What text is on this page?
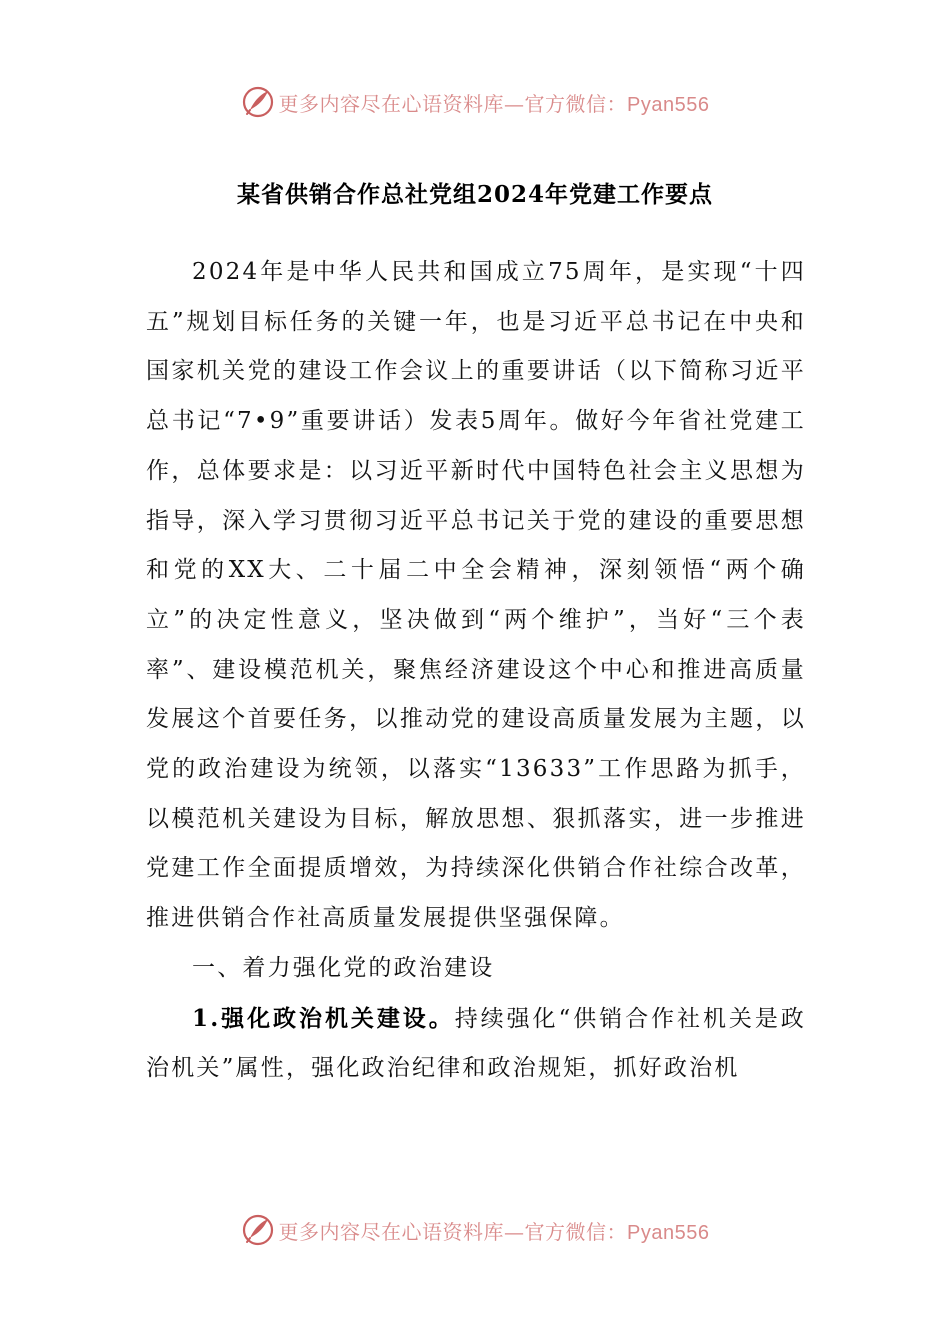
更多内容尽在心语资料库—官方微信：Pyan556
某省供销合作总社党组2024年党建工作要点

2024年是中华人民共和国成立75周年，是实现“十四五”规划目标任务的关键一年，也是习近平总书记在中央和国家机关党的建设工作会议上的重要讲话（以下简称习近平总书记“7•9”重要讲话）发表5周年。做好今年省社党建工作，总体要求是：以习近平新时代中国特色社会主义思想为指导，深入学习贯彻习近平总书记关于党的建设的重要思想和党的XX大、二十届二中全会精神，深刻领悟“两个确立”的决定性意义，坚决做到“两个维护”，当好“三个表率”、建设模范机关，聚焦经济建设这个中心和推进高质量发展这个首要任务，以推动党的建设高质量发展为主题，以党的政治建设为统领，以落实“13633”工作思路为抓手，以模范机关建设为目标，解放思想、狠抓落实，进一步推进党建工作全面提质增效，为持续深化供销合作社综合改革，推进供销合作社高质量发展提供坚强保障。

一、着力强化党的政治建设

1.强化政治机关建设。持续强化“供销合作社机关是政治机关”属性，强化政治纪律和政治规矩，抓好政治机

更多内容尽在心语资料库—官方微信：Pyan556
